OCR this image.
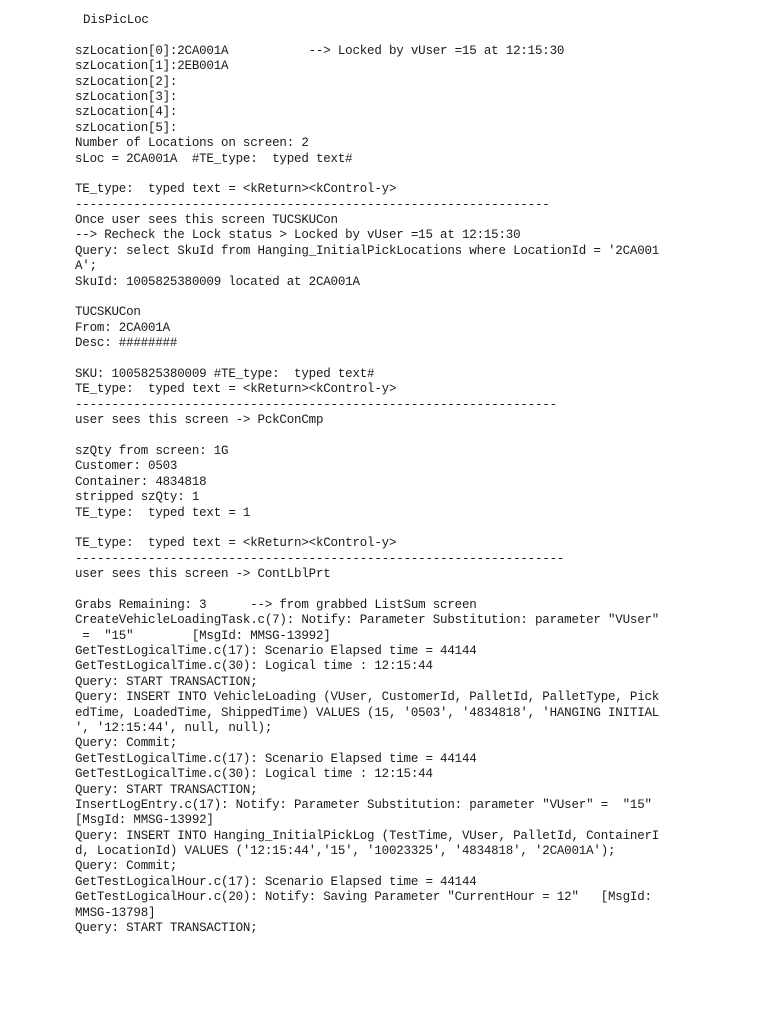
DisPicLoc
szLocation[0]:2CA001A           --> Locked by vUser =15 at 12:15:30
szLocation[1]:2EB001A
szLocation[2]:
szLocation[3]:
szLocation[4]:
szLocation[5]:
Number of Locations on screen: 2
sLoc = 2CA001A  #TE_type:  typed text#
TE_type:  typed text = <kReturn><kControl-y>
-----------------------------------------------------------------
Once user sees this screen TUCSKUCon
--> Recheck the Lock status > Locked by vUser =15 at 12:15:30
Query: select SkuId from Hanging_InitialPickLocations where LocationId = '2CA001
A';
SkuId: 1005825380009 located at 2CA001A
TUCSKUCon
From: 2CA001A
Desc: ########
SKU: 1005825380009 #TE_type:  typed text#
TE_type:  typed text = <kReturn><kControl-y>
------------------------------------------------------------------
user sees this screen -> PckConCmp
szQty from screen: 1G
Customer: 0503
Container: 4834818
stripped szQty: 1
TE_type:  typed text = 1
TE_type:  typed text = <kReturn><kControl-y>
-------------------------------------------------------------------
user sees this screen -> ContLblPrt
Grabs Remaining: 3      --> from grabbed ListSum screen
CreateVehicleLoadingTask.c(7): Notify: Parameter Substitution: parameter "VUser"
=  "15"        [MsgId: MMSG-13992]
GetTestLogicalTime.c(17): Scenario Elapsed time = 44144
GetTestLogicalTime.c(30): Logical time : 12:15:44
Query: START TRANSACTION;
Query: INSERT INTO VehicleLoading (VUser, CustomerId, PalletId, PalletType, Pick
edTime, LoadedTime, ShippedTime) VALUES (15, '0503', '4834818', 'HANGING INITIAL
', '12:15:44', null, null);
Query: Commit;
GetTestLogicalTime.c(17): Scenario Elapsed time = 44144
GetTestLogicalTime.c(30): Logical time : 12:15:44
Query: START TRANSACTION;
InsertLogEntry.c(17): Notify: Parameter Substitution: parameter "VUser" =  "15"
[MsgId: MMSG-13992]
Query: INSERT INTO Hanging_InitialPickLog (TestTime, VUser, PalletId, ContainerI
d, LocationId) VALUES ('12:15:44','15', '10023325', '4834818', '2CA001A');
Query: Commit;
GetTestLogicalHour.c(17): Scenario Elapsed time = 44144
GetTestLogicalHour.c(20): Notify: Saving Parameter "CurrentHour = 12"   [MsgId:
MMSG-13798]
Query: START TRANSACTION;
